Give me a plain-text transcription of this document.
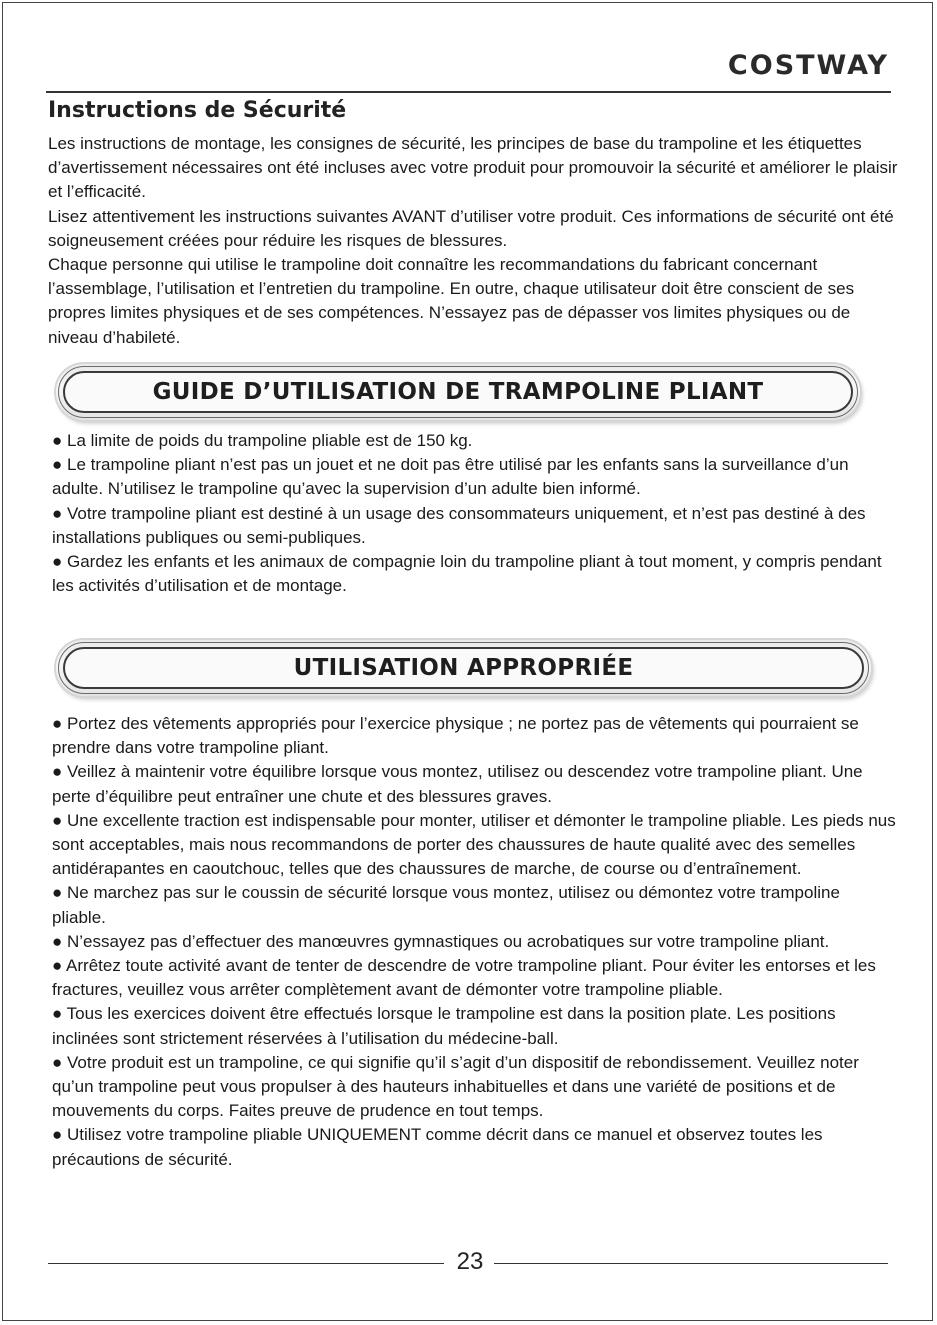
COSTWAY
Instructions de Sécurité

Les instructions de montage, les consignes de sécurité, les principes de base du trampoline et les étiquettes d’avertissement nécessaires ont été incluses avec votre produit pour promouvoir la sécurité et améliorer le plaisir et l’efficacité.

Lisez attentivement les instructions suivantes AVANT d’utiliser votre produit. Ces informations de sécurité ont été soigneusement créées pour réduire les risques de blessures.

Chaque personne qui utilise le trampoline doit connaître les recommandations du fabricant concernant l’assemblage, l’utilisation et l’entretien du trampoline. En outre, chaque utilisateur doit être conscient de ses propres limites physiques et de ses compétences. N’essayez pas de dépasser vos limites physiques ou de niveau d’habileté.

GUIDE D’UTILISATION DE TRAMPOLINE PLIANT
● La limite de poids du trampoline pliable est de 150 kg.
● Le trampoline pliant n’est pas un jouet et ne doit pas être utilisé par les enfants sans la surveillance d’un adulte. N’utilisez le trampoline qu’avec la supervision d’un adulte bien informé.
● Votre trampoline pliant est destiné à un usage des consommateurs uniquement, et n’est pas destiné à des installations publiques ou semi-publiques.
● Gardez les enfants et les animaux de compagnie loin du trampoline pliant à tout moment, y compris pendant les activités d’utilisation et de montage.
UTILISATION APPROPRIÉE
● Portez des vêtements appropriés pour l’exercice physique ; ne portez pas de vêtements qui pourraient se prendre dans votre trampoline pliant.
● Veillez à maintenir votre équilibre lorsque vous montez, utilisez ou descendez votre trampoline pliant. Une perte d’équilibre peut entraîner une chute et des blessures graves.
● Une excellente traction est indispensable pour monter, utiliser et démonter le trampoline pliable. Les pieds nus sont acceptables, mais nous recommandons de porter des chaussures de haute qualité avec des semelles antidérapantes en caoutchouc, telles que des chaussures de marche, de course ou d’entraînement.
● Ne marchez pas sur le coussin de sécurité lorsque vous montez, utilisez ou démontez votre trampoline pliable.
● N’essayez pas d’effectuer des manœuvres gymnastiques ou acrobatiques sur votre trampoline pliant.
● Arrêtez toute activité avant de tenter de descendre de votre trampoline pliant. Pour éviter les entorses et les fractures, veuillez vous arrêter complètement avant de démonter votre trampoline pliable.
● Tous les exercices doivent être effectués lorsque le trampoline est dans la position plate. Les positions inclinées sont strictement réservées à l’utilisation du médecine-ball.
● Votre produit est un trampoline, ce qui signifie qu’il s’agit d’un dispositif de rebondissement. Veuillez noter qu’un trampoline peut vous propulser à des hauteurs inhabituelles et dans une variété de positions et de mouvements du corps. Faites preuve de prudence en tout temps.
● Utilisez votre trampoline pliable UNIQUEMENT comme décrit dans ce manuel et observez toutes les précautions de sécurité.
23
